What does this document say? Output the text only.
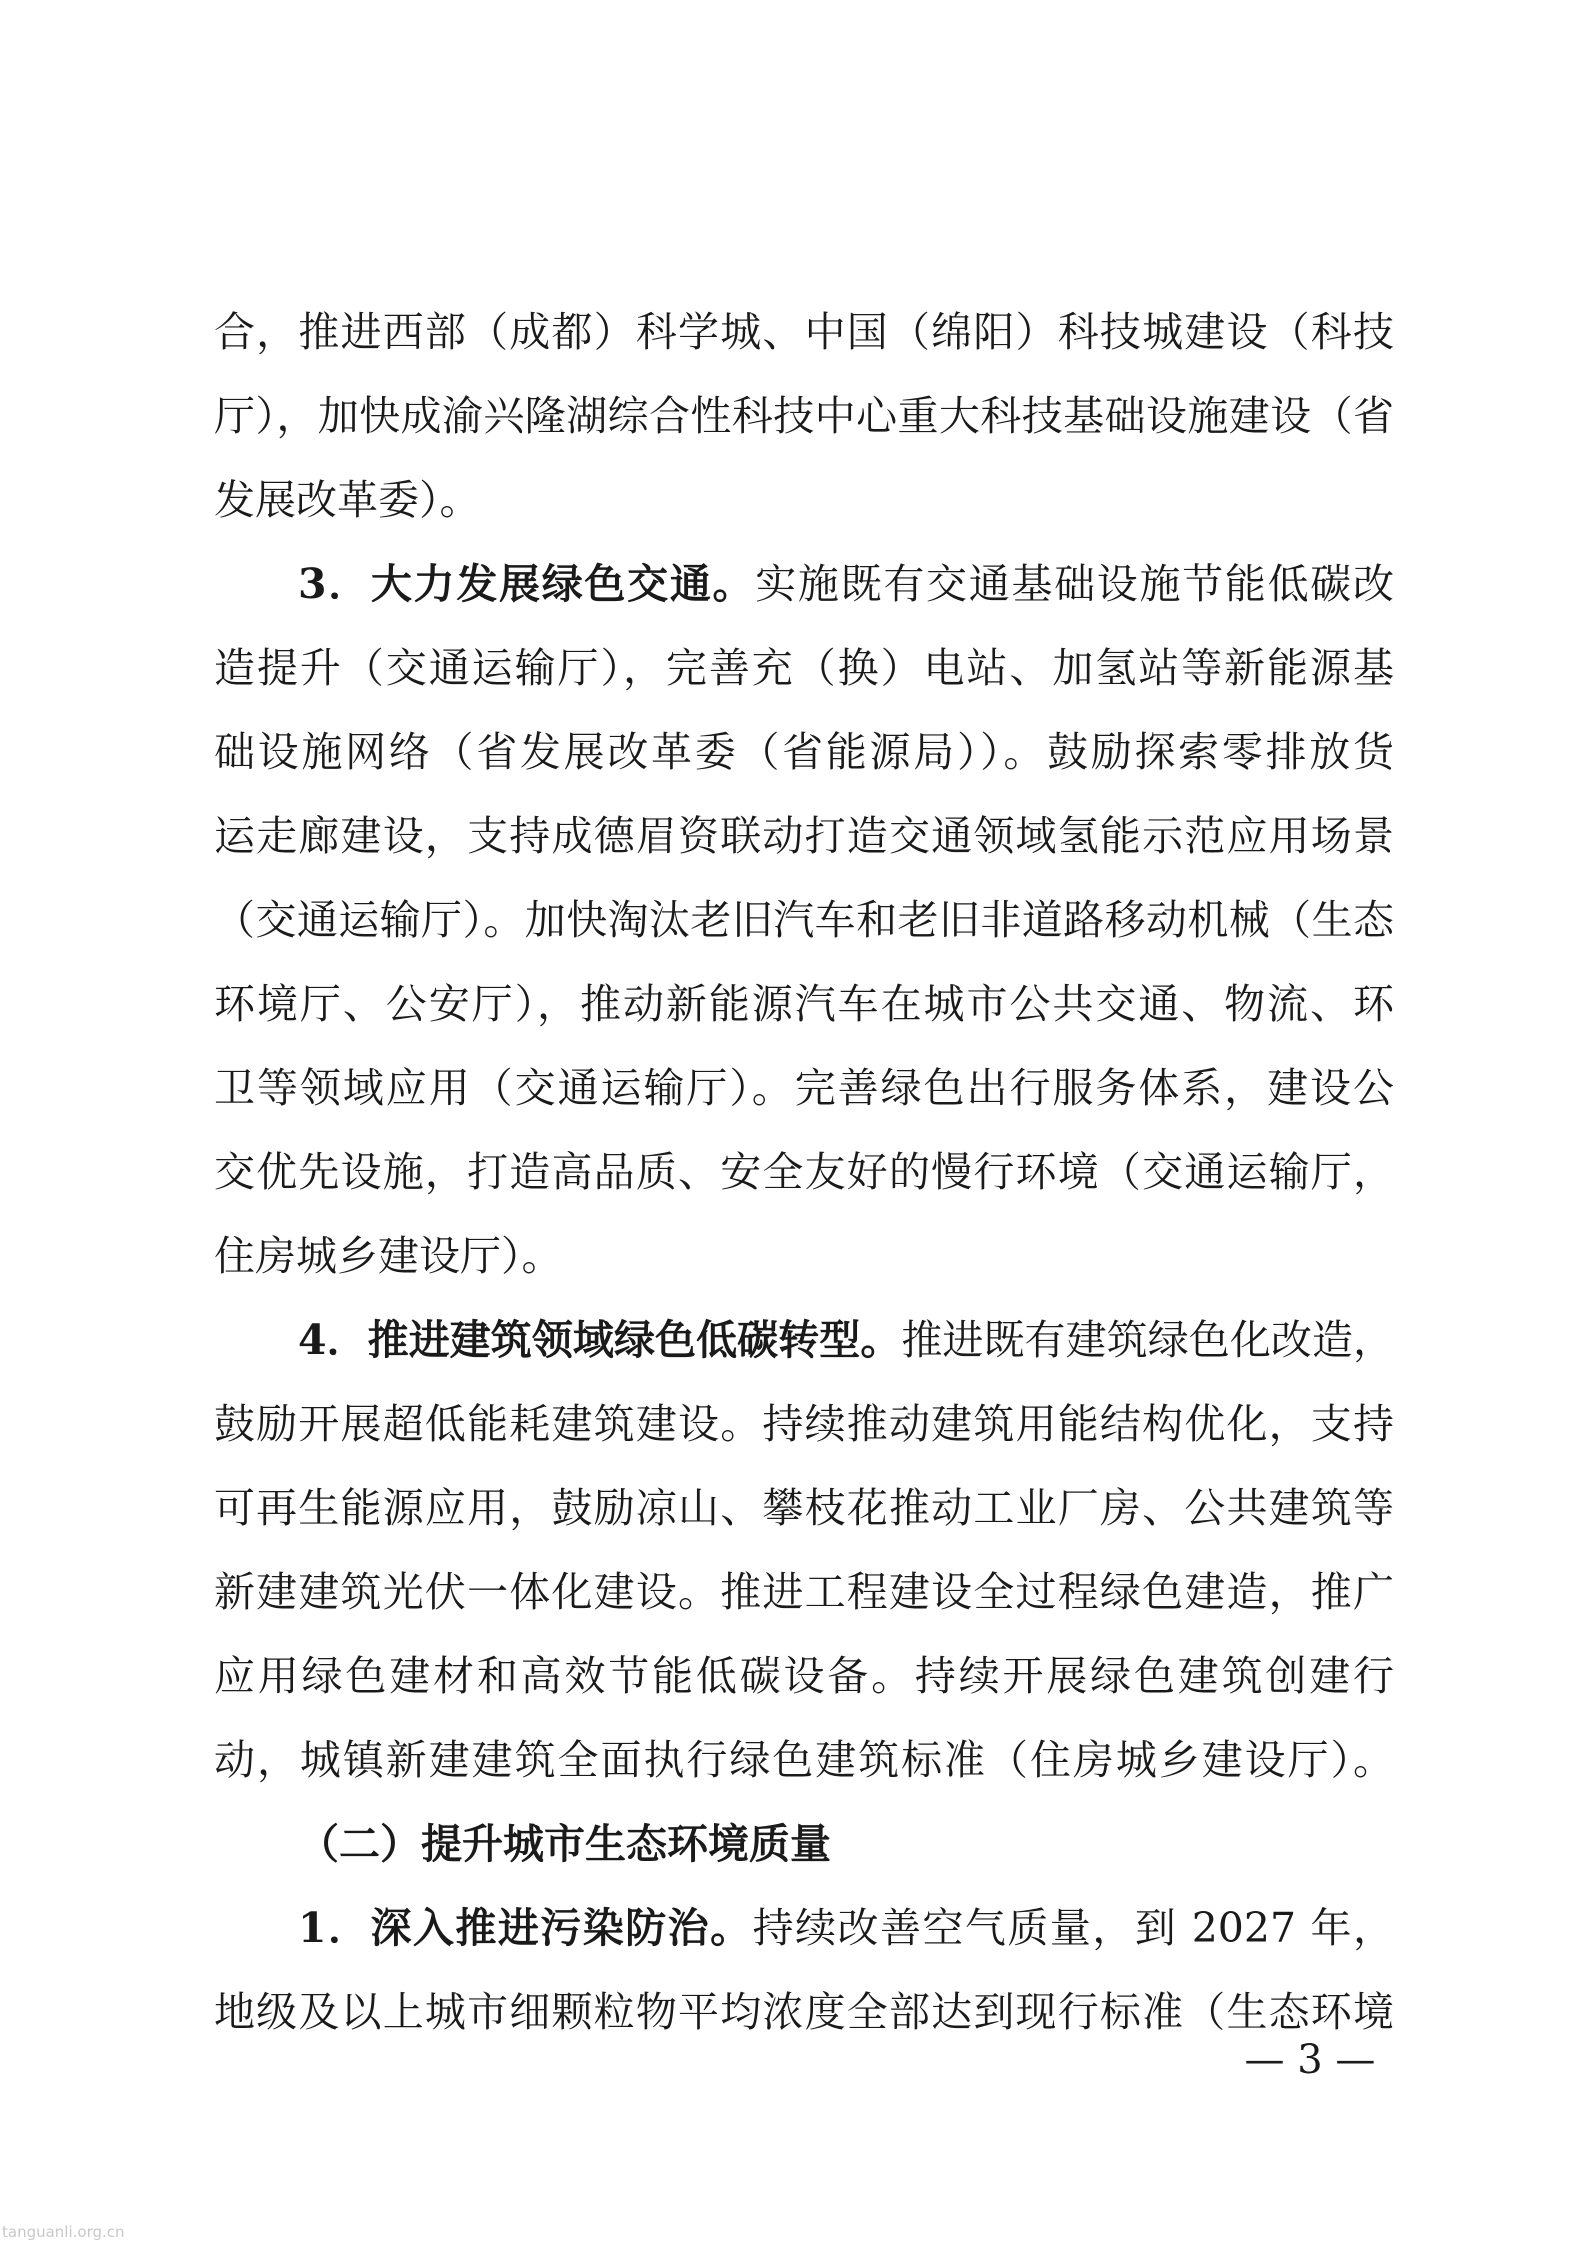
合，推进西部（成都）科学城、中国（绵阳）科技城建设（科技
厅），加快成渝兴隆湖综合性科技中心重大科技基础设施建设（省
发展改革委）。
3．大力发展绿色交通。实施既有交通基础设施节能低碳改
造提升（交通运输厅），完善充（换）电站、加氢站等新能源基
础设施网络（省发展改革委（省能源局））。鼓励探索零排放货
运走廊建设，支持成德眉资联动打造交通领域氢能示范应用场景
（交通运输厅）。加快淘汰老旧汽车和老旧非道路移动机械（生态
环境厅、公安厅），推动新能源汽车在城市公共交通、物流、环
卫等领域应用（交通运输厅）。完善绿色出行服务体系，建设公
交优先设施，打造高品质、安全友好的慢行环境（交通运输厅，
住房城乡建设厅）。
4．推进建筑领域绿色低碳转型。推进既有建筑绿色化改造，
鼓励开展超低能耗建筑建设。持续推动建筑用能结构优化，支持
可再生能源应用，鼓励凉山、攀枝花推动工业厂房、公共建筑等
新建建筑光伏一体化建设。推进工程建设全过程绿色建造，推广
应用绿色建材和高效节能低碳设备。持续开展绿色建筑创建行
动，城镇新建建筑全面执行绿色建筑标准（住房城乡建设厅）。
（二）提升城市生态环境质量
1．深入推进污染防治。持续改善空气质量，到 2027 年，
地级及以上城市细颗粒物平均浓度全部达到现行标准（生态环境
— 3 —
tanguanli.org.cn
